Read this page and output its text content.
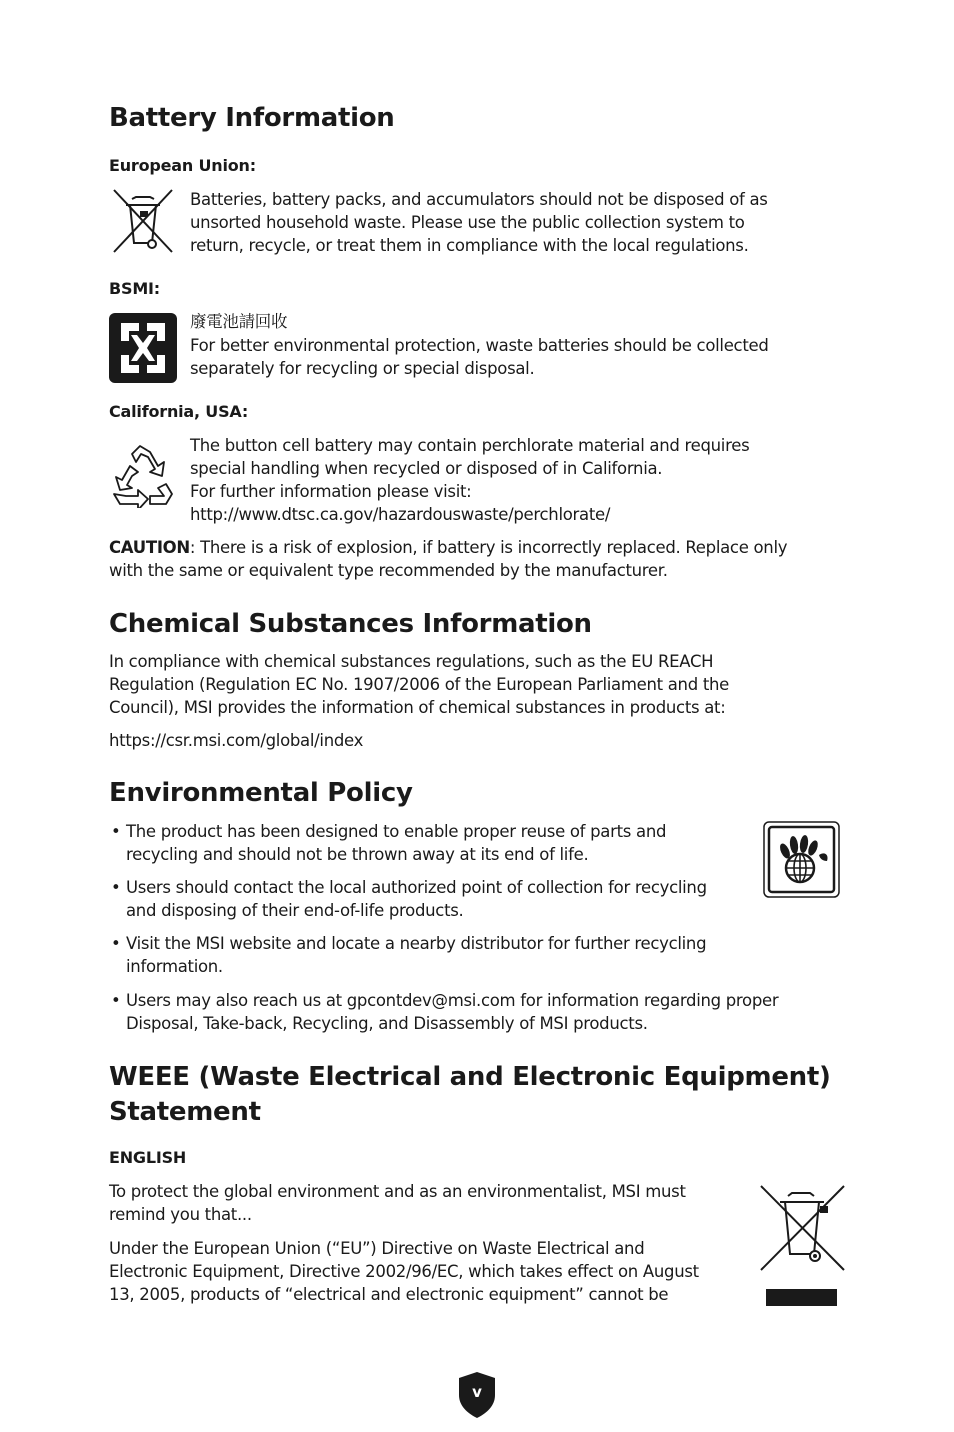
Battery Information
European Union:
Batteries, battery packs, and accumulators should not be disposed of as
unsorted household waste. Please use the public collection system to
return, recycle, or treat them in compliance with the local regulations.
BSMI:
廢電池請回收
For better environmental protection, waste batteries should be collected
separately for recycling or special disposal.
California, USA:
The button cell battery may contain perchlorate material and requires
special handling when recycled or disposed of in California.
For further information please visit:
http://www.dtsc.ca.gov/hazardouswaste/perchlorate/
CAUTION: There is a risk of explosion, if battery is incorrectly replaced. Replace only
with the same or equivalent type recommended by the manufacturer.
Chemical Substances Information
In compliance with chemical substances regulations, such as the EU REACH
Regulation (Regulation EC No. 1907/2006 of the European Parliament and the
Council), MSI provides the information of chemical substances in products at:
https://csr.msi.com/global/index
Environmental Policy
• The product has been designed to enable proper reuse of parts and
recycling and should not be thrown away at its end of life.
• Users should contact the local authorized point of collection for recycling
and disposing of their end-of-life products.
• Visit the MSI website and locate a nearby distributor for further recycling
information.
• Users may also reach us at gpcontdev@msi.com for information regarding proper
Disposal, Take-back, Recycling, and Disassembly of MSI products.
WEEE (Waste Electrical and Electronic Equipment)
Statement
ENGLISH
To protect the global environment and as an environmentalist, MSI must
remind you that...
Under the European Union (“EU”) Directive on Waste Electrical and
Electronic Equipment, Directive 2002/96/EC, which takes effect on August
13, 2005, products of “electrical and electronic equipment” cannot be
v
